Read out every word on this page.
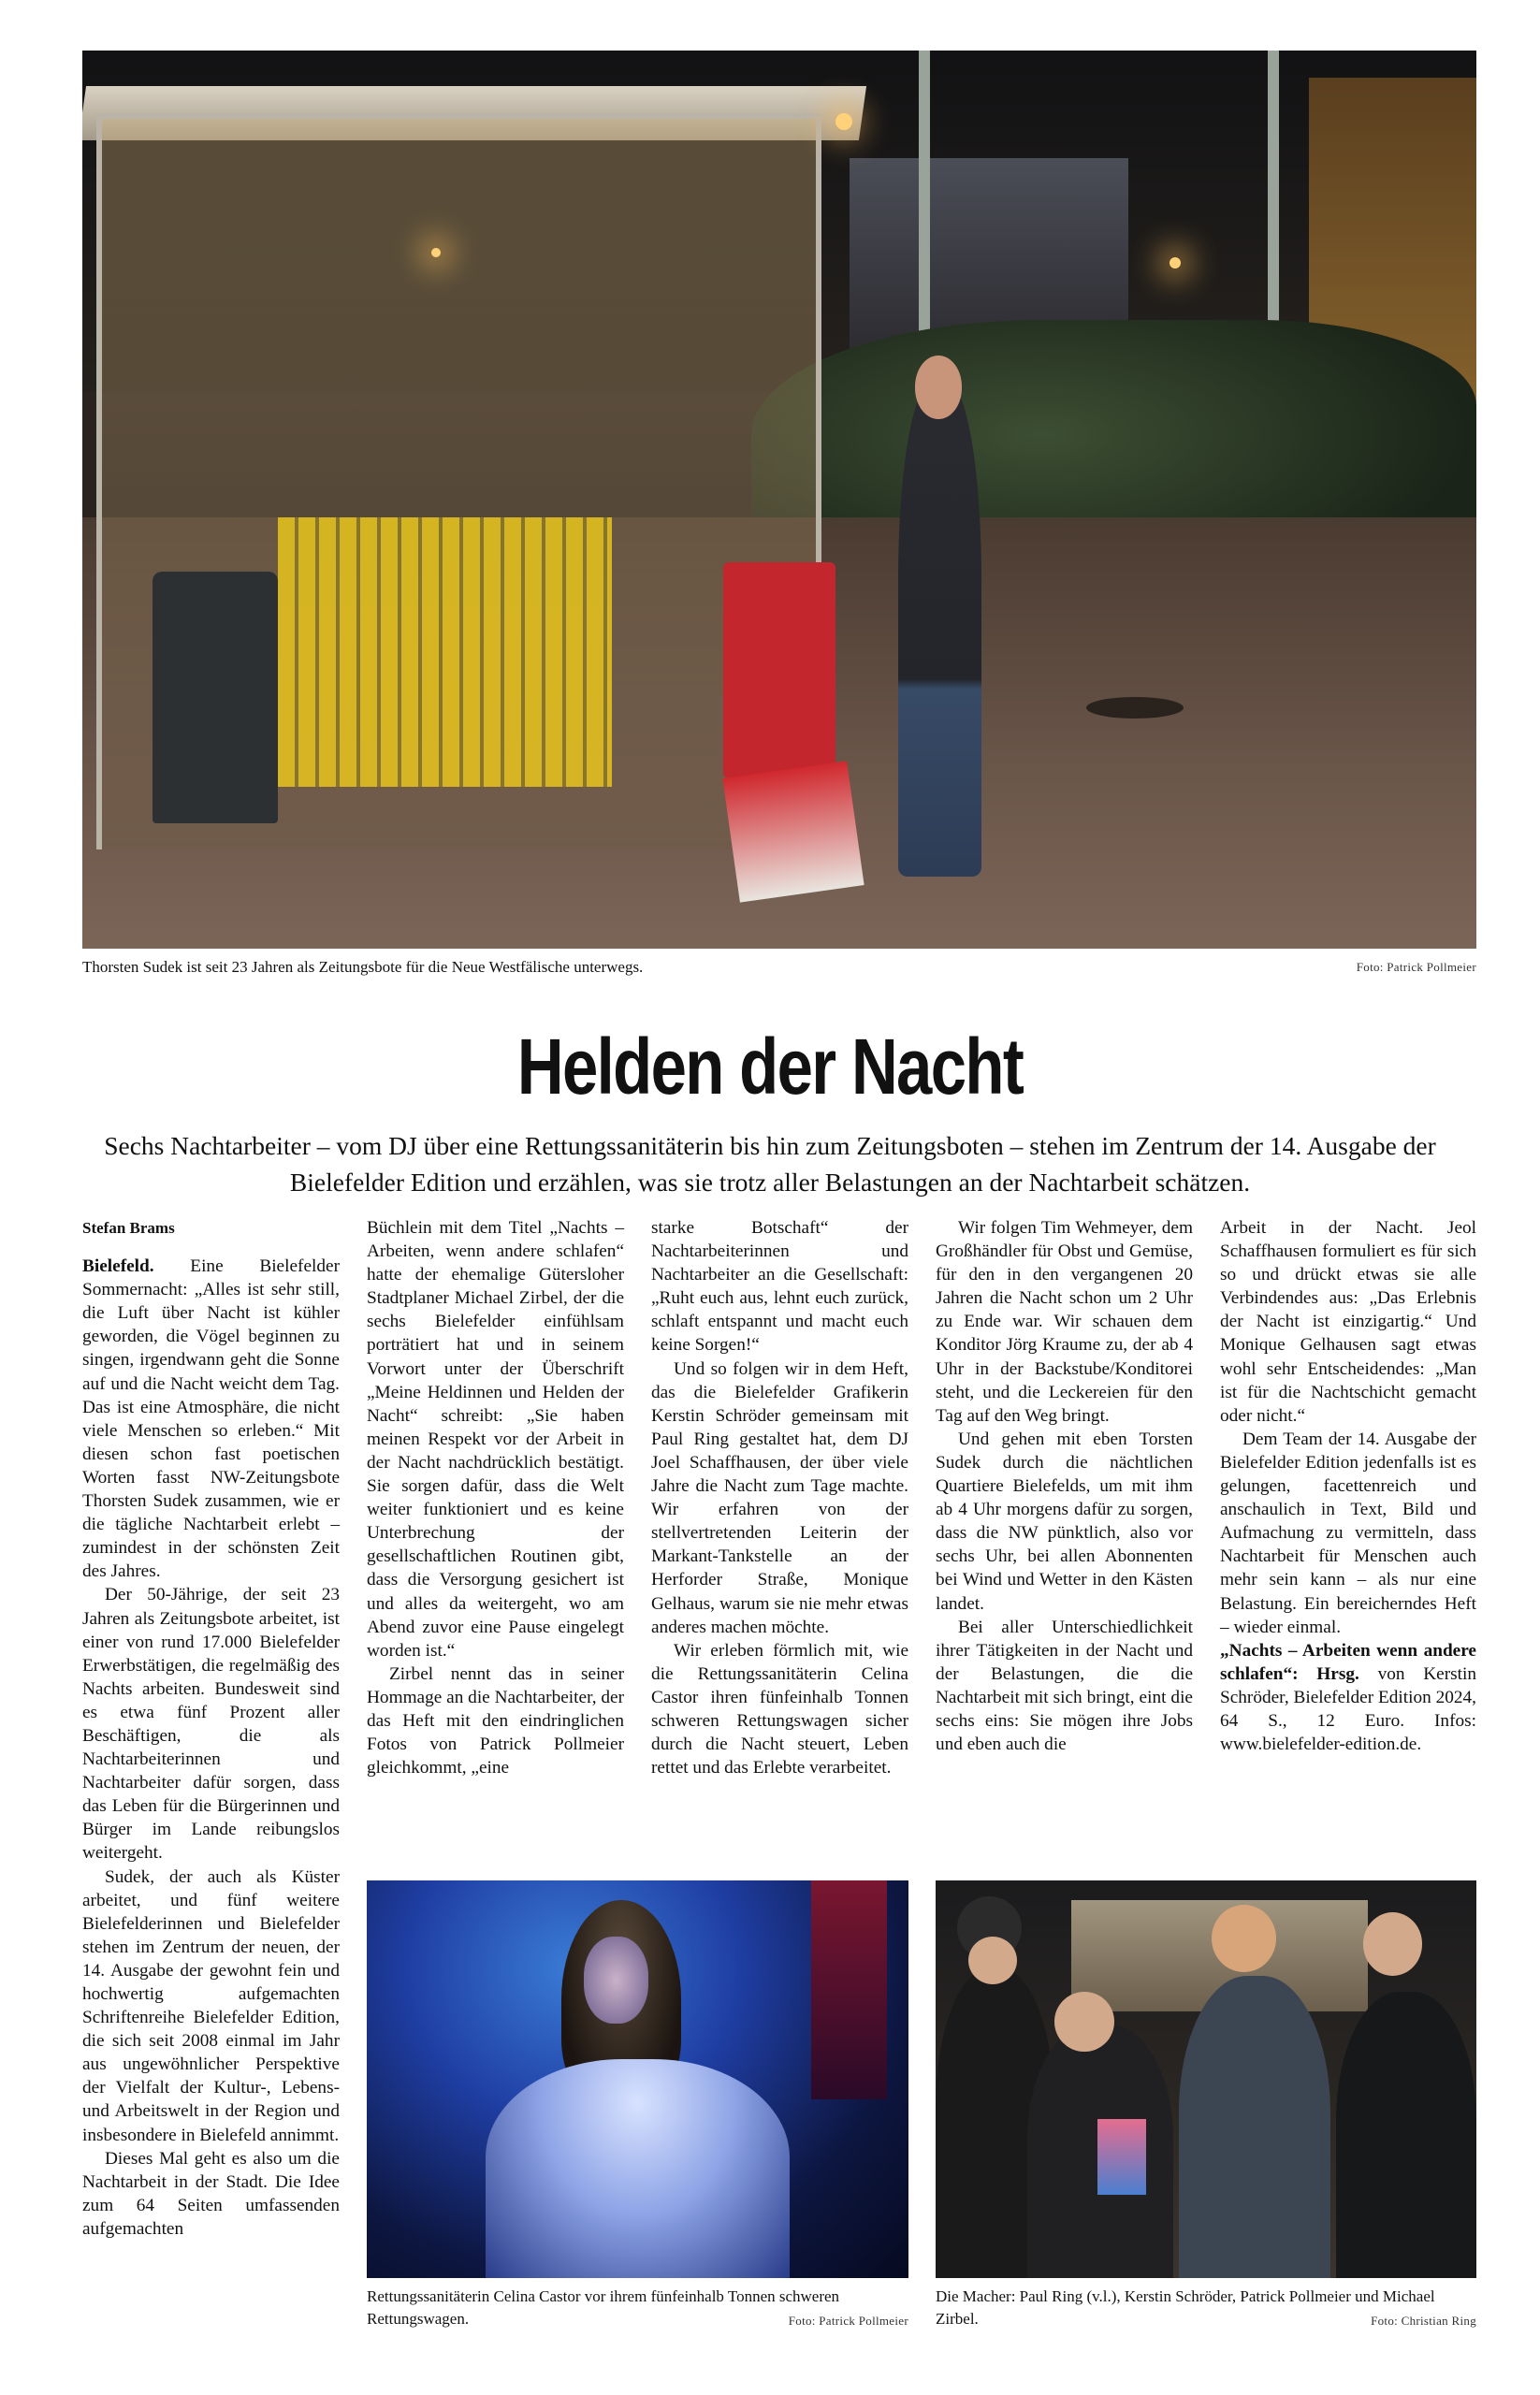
Thorsten Sudek ist seit 23 Jahren als Zeitungsbote für die Neue Westfälische unterwegs.	Foto: Patrick Pollmeier
Helden der Nacht
Sechs Nachtarbeiter – vom DJ über eine Rettungssanitäterin bis hin zum Zeitungsboten – stehen im Zentrum der 14. Ausgabe der Bielefelder Edition und erzählen, was sie trotz aller Belastungen an der Nachtarbeit schätzen.

Stefan Brams

Bielefeld. Eine Bielefelder Sommernacht: „Alles ist sehr still, die Luft über Nacht ist kühler geworden, die Vögel beginnen zu singen, irgendwann geht die Sonne auf und die Nacht weicht dem Tag. Das ist eine Atmosphäre, die nicht viele Menschen so erleben.“ Mit diesen schon fast poetischen Worten fasst NW-Zeitungsbote Thorsten Sudek zusammen, wie er die tägliche Nachtarbeit erlebt – zumindest in der schönsten Zeit des Jahres.

Der 50-Jährige, der seit 23 Jahren als Zeitungsbote arbeitet, ist einer von rund 17.000 Bielefelder Erwerbstätigen, die regelmäßig des Nachts arbeiten. Bundesweit sind es etwa fünf Prozent aller Beschäftigen, die als Nachtarbeiterinnen und Nachtarbeiter dafür sorgen, dass das Leben für die Bürgerinnen und Bürger im Lande reibungslos weitergeht.

Sudek, der auch als Küster arbeitet, und fünf weitere Bielefelderinnen und Bielefelder stehen im Zentrum der neuen, der 14. Ausgabe der gewohnt fein und hochwertig aufgemachten Schriftenreihe Bielefelder Edition, die sich seit 2008 einmal im Jahr aus ungewöhnlicher Perspektive der Vielfalt der Kultur-, Lebens- und Arbeitswelt in der Region und insbesondere in Bielefeld annimmt.

Dieses Mal geht es also um die Nachtarbeit in der Stadt. Die Idee zum 64 Seiten umfassenden aufgemachten

Büchlein mit dem Titel „Nachts – Arbeiten, wenn andere schlafen“ hatte der ehemalige Gütersloher Stadtplaner Michael Zirbel, der die sechs Bielefelder einfühlsam porträtiert hat und in seinem Vorwort unter der Überschrift „Meine Heldinnen und Helden der Nacht“ schreibt: „Sie haben meinen Respekt vor der Arbeit in der Nacht nachdrücklich bestätigt. Sie sorgen dafür, dass die Welt weiter funktioniert und es keine Unterbrechung der gesellschaftlichen Routinen gibt, dass die Versorgung gesichert ist und alles da weitergeht, wo am Abend zuvor eine Pause eingelegt worden ist.“

Zirbel nennt das in seiner Hommage an die Nachtarbeiter, der das Heft mit den eindringlichen Fotos von Patrick Pollmeier gleichkommt, „eine

starke Botschaft“ der Nachtarbeiterinnen und Nachtarbeiter an die Gesellschaft: „Ruht euch aus, lehnt euch zurück, schlaft entspannt und macht euch keine Sorgen!“

Und so folgen wir in dem Heft, das die Bielefelder Grafikerin Kerstin Schröder gemeinsam mit Paul Ring gestaltet hat, dem DJ Joel Schaffhausen, der über viele Jahre die Nacht zum Tage machte. Wir erfahren von der stellvertretenden Leiterin der Markant-Tankstelle an der Herforder Straße, Monique Gelhaus, warum sie nie mehr etwas anderes machen möchte.

Wir erleben förmlich mit, wie die Rettungssanitäterin Celina Castor ihren fünfeinhalb Tonnen schweren Rettungswagen sicher durch die Nacht steuert, Leben rettet und das Erlebte verarbeitet.

Wir folgen Tim Wehmeyer, dem Großhändler für Obst und Gemüse, für den in den vergangenen 20 Jahren die Nacht schon um 2 Uhr zu Ende war. Wir schauen dem Konditor Jörg Kraume zu, der ab 4 Uhr in der Backstube/Konditorei steht, und die Leckereien für den Tag auf den Weg bringt.

Und gehen mit eben Torsten Sudek durch die nächtlichen Quartiere Bielefelds, um mit ihm ab 4 Uhr morgens dafür zu sorgen, dass die NW pünktlich, also vor sechs Uhr, bei allen Abonnenten bei Wind und Wetter in den Kästen landet.

Bei aller Unterschiedlichkeit ihrer Tätigkeiten in der Nacht und der Belastungen, die die Nachtarbeit mit sich bringt, eint die sechs eins: Sie mögen ihre Jobs und eben auch die

Arbeit in der Nacht. Jeol Schaffhausen formuliert es für sich so und drückt etwas sie alle Verbindendes aus: „Das Erlebnis der Nacht ist einzigartig.“ Und Monique Gelhausen sagt etwas wohl sehr Entscheidendes: „Man ist für die Nachtschicht gemacht oder nicht.“

Dem Team der 14. Ausgabe der Bielefelder Edition jedenfalls ist es gelungen, facettenreich und anschaulich in Text, Bild und Aufmachung zu vermitteln, dass Nachtarbeit für Menschen auch mehr sein kann – als nur eine Belastung. Ein bereicherndes Heft – wieder einmal.

„Nachts – Arbeiten wenn andere schlafen“: Hrsg. von Kerstin Schröder, Bielefelder Edition 2024, 64 S., 12 Euro. Infos: www.bielefelder-edition.de.

Rettungssanitäterin Celina Castor vor ihrem fünfeinhalb Tonnen schweren Rettungswagen.	Foto: Patrick Pollmeier
Die Macher: Paul Ring (v.l.), Kerstin Schröder, Patrick Pollmeier und Michael Zirbel.	Foto: Christian Ring
